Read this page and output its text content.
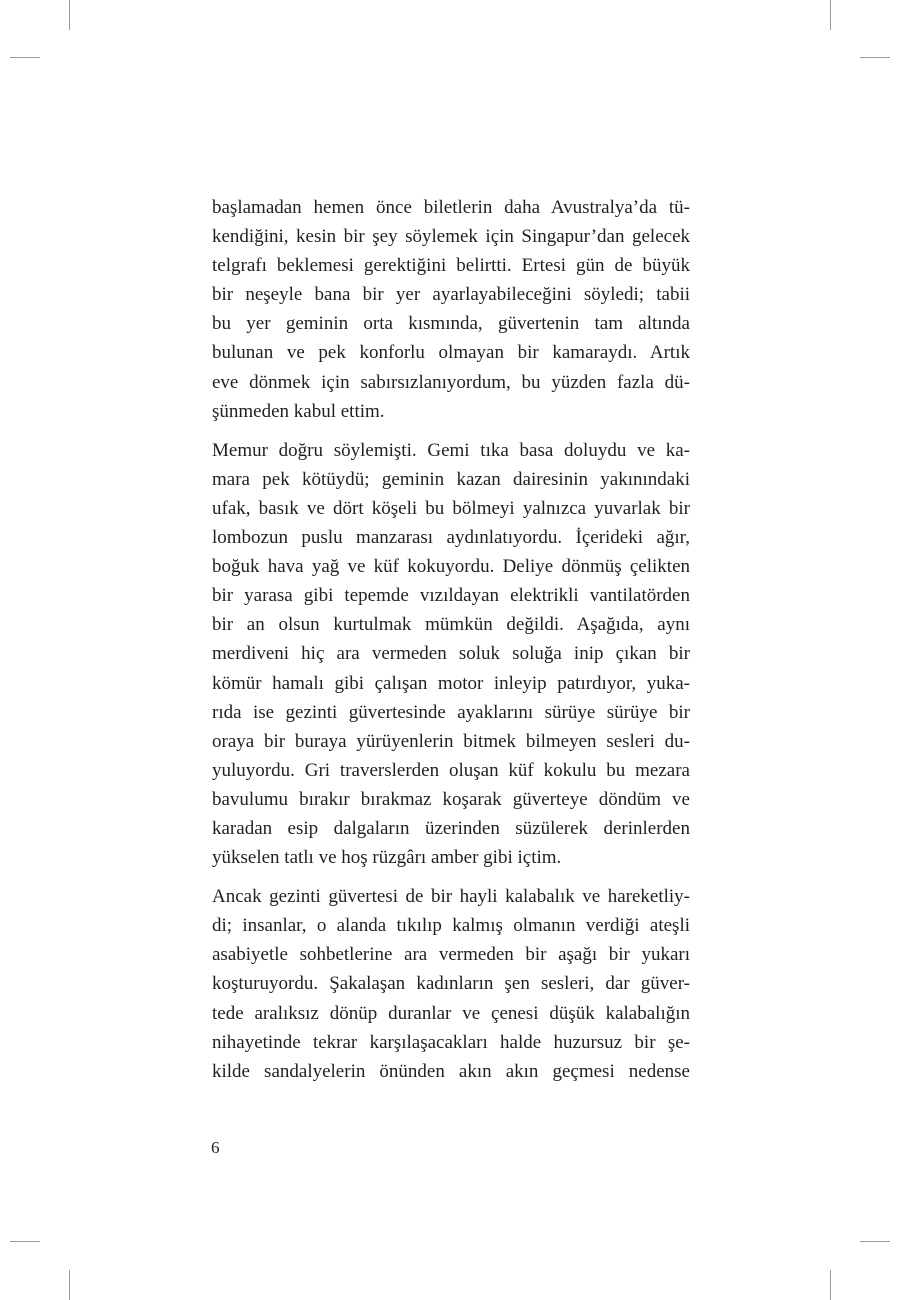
başlamadan hemen önce biletlerin daha Avustralya’da tü-
kendiğini, kesin bir şey söylemek için Singapur’dan gelecek
telgrafı beklemesi gerektiğini belirtti. Ertesi gün de büyük
bir neşeyle bana bir yer ayarlayabileceğini söyledi; tabii
bu yer geminin orta kısmında, güvertenin tam altında
bulunan ve pek konforlu olmayan bir kamaraydı. Artık
eve dönmek için sabırsızlanıyordum, bu yüzden fazla dü-
şünmeden kabul ettim.
Memur doğru söylemişti. Gemi tıka basa doluydu ve ka-
mara pek kötüydü; geminin kazan dairesinin yakınındaki
ufak, basık ve dört köşeli bu bölmeyi yalnızca yuvarlak bir
lombozun puslu manzarası aydınlatıyordu. İçerideki ağır,
boğuk hava yağ ve küf kokuyordu. Deliye dönmüş çelikten
bir yarasa gibi tepemde vızıldayan elektrikli vantilatörden
bir an olsun kurtulmak mümkün değildi. Aşağıda, aynı
merdiveni hiç ara vermeden soluk soluğa inip çıkan bir
kömür hamalı gibi çalışan motor inleyip patırdıyor, yuka-
rıda ise gezinti güvertesinde ayaklarını sürüye sürüye bir
oraya bir buraya yürüyenlerin bitmek bilmeyen sesleri du-
yuluyordu. Gri traverslerden oluşan küf kokulu bu mezara
bavulumu bırakır bırakmaz koşarak güverteye döndüm ve
karadan esip dalgaların üzerinden süzülerek derinlerden
yükselen tatlı ve hoş rüzgârı amber gibi içtim.
Ancak gezinti güvertesi de bir hayli kalabalık ve hareketliy-
di; insanlar, o alanda tıkılıp kalmış olmanın verdiği ateşli
asabiyetle sohbetlerine ara vermeden bir aşağı bir yukarı
koşturuyordu. Şakalaşan kadınların şen sesleri, dar güver-
tede aralıksız dönüp duranlar ve çenesi düşük kalabalığın
nihayetinde tekrar karşılaşacakları halde huzursuz bir şe-
kilde sandalyelerin önünden akın akın geçmesi nedense
6
